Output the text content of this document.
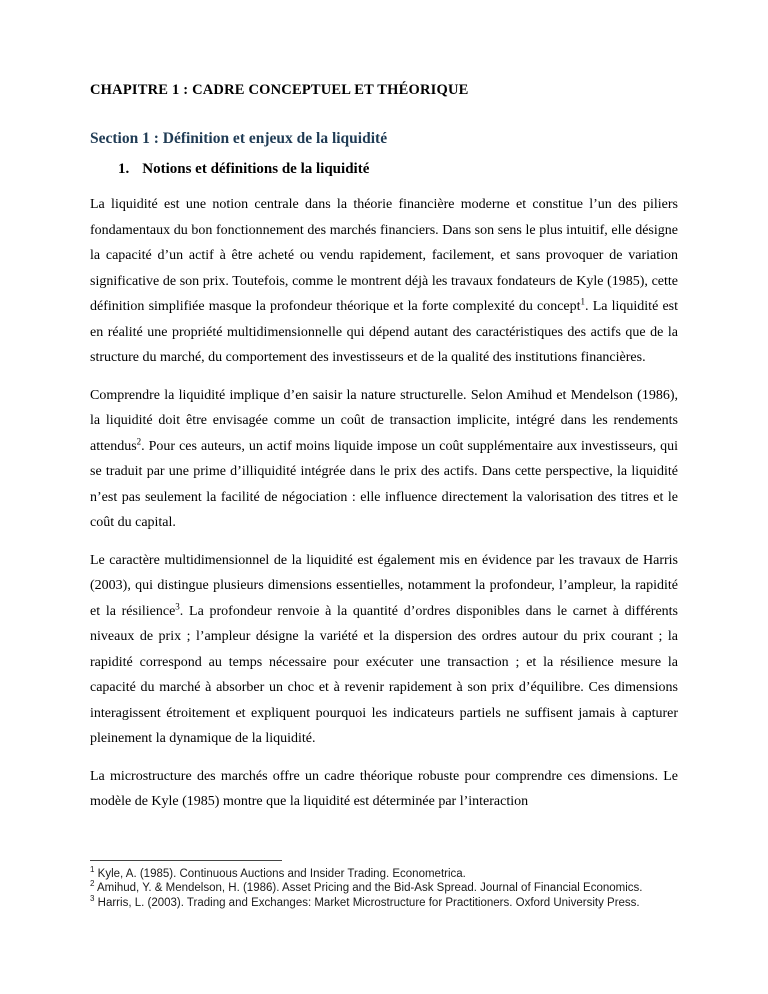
CHAPITRE 1 : CADRE CONCEPTUEL ET THÉORIQUE
Section 1 : Définition et enjeux de la liquidité
1. Notions et définitions de la liquidité

La liquidité est une notion centrale dans la théorie financière moderne et constitue l’un des piliers fondamentaux du bon fonctionnement des marchés financiers. Dans son sens le plus intuitif, elle désigne la capacité d’un actif à être acheté ou vendu rapidement, facilement, et sans provoquer de variation significative de son prix. Toutefois, comme le montrent déjà les travaux fondateurs de Kyle (1985), cette définition simplifiée masque la profondeur théorique et la forte complexité du concept$^1$. La liquidité est en réalité une propriété multidimensionnelle qui dépend autant des caractéristiques des actifs que de la structure du marché, du comportement des investisseurs et de la qualité des institutions financières.

Comprendre la liquidité implique d’en saisir la nature structurelle. Selon Amihud et Mendelson (1986), la liquidité doit être envisagée comme un coût de transaction implicite, intégré dans les rendements attendus$^2$. Pour ces auteurs, un actif moins liquide impose un coût supplémentaire aux investisseurs, qui se traduit par une prime d’illiquidité intégrée dans le prix des actifs. Dans cette perspective, la liquidité n’est pas seulement la facilité de négociation : elle influence directement la valorisation des titres et le coût du capital.

Le caractère multidimensionnel de la liquidité est également mis en évidence par les travaux de Harris (2003), qui distingue plusieurs dimensions essentielles, notamment la profondeur, l’ampleur, la rapidité et la résilience$^3$. La profondeur renvoie à la quantité d’ordres disponibles dans le carnet à différents niveaux de prix ; l’ampleur désigne la variété et la dispersion des ordres autour du prix courant ; la rapidité correspond au temps nécessaire pour exécuter une transaction ; et la résilience mesure la capacité du marché à absorber un choc et à revenir rapidement à son prix d’équilibre. Ces dimensions interagissent étroitement et expliquent pourquoi les indicateurs partiels ne suffisent jamais à capturer pleinement la dynamique de la liquidité.

La microstructure des marchés offre un cadre théorique robuste pour comprendre ces dimensions. Le modèle de Kyle (1985) montre que la liquidité est déterminée par l’interaction

$^1$ Kyle, A. (1985). Continuous Auctions and Insider Trading. Econometrica.

$^2$ Amihud, Y. & Mendelson, H. (1986). Asset Pricing and the Bid-Ask Spread. Journal of Financial Economics.

$^3$ Harris, L. (2003). Trading and Exchanges: Market Microstructure for Practitioners. Oxford University Press.
